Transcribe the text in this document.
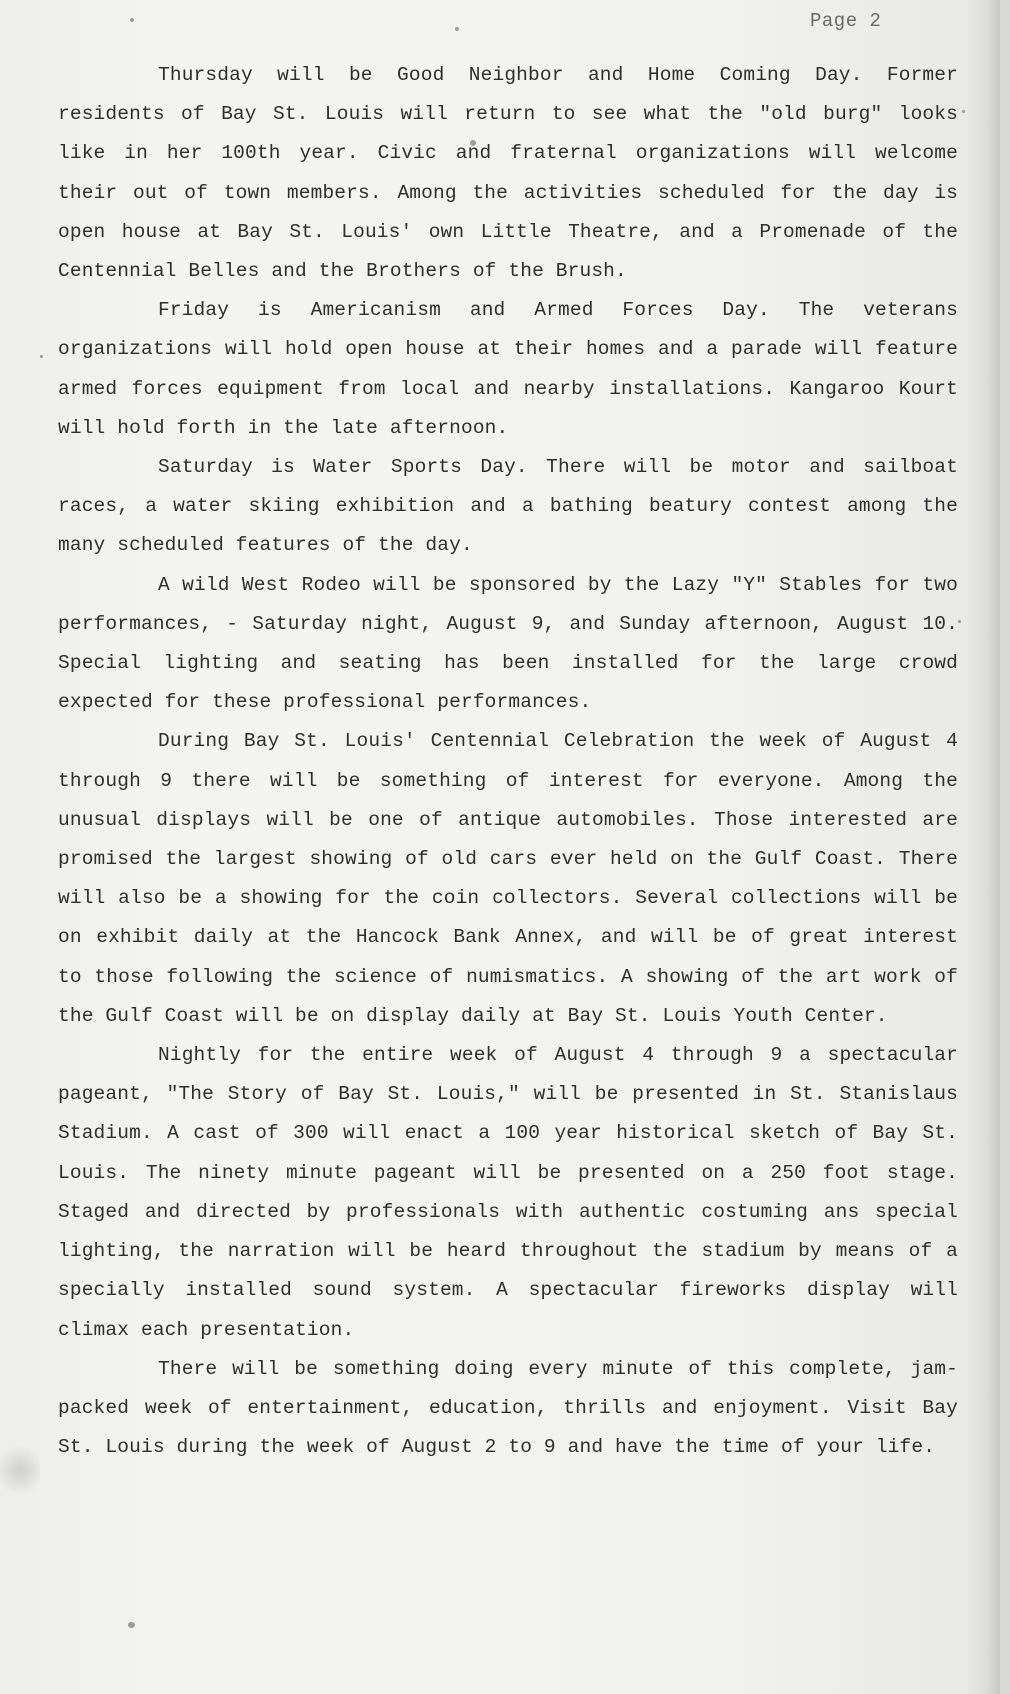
Page 2

Thursday will be Good Neighbor and Home Coming Day. Former residents of Bay St. Louis will return to see what the "old burg" looks like in her 100th year. Civic and fraternal organizations will welcome their out of town members. Among the activities scheduled for the day is open house at Bay St. Louis' own Little Theatre, and a Promenade of the Centennial Belles and the Brothers of the Brush.

Friday is Americanism and Armed Forces Day. The veterans organizations will hold open house at their homes and a parade will feature armed forces equipment from local and nearby installations. Kangaroo Kourt will hold forth in the late afternoon.

Saturday is Water Sports Day. There will be motor and sailboat races, a water skiing exhibition and a bathing beatury contest among the many scheduled features of the day.

A wild West Rodeo will be sponsored by the Lazy "Y" Stables for two performances, - Saturday night, August 9, and Sunday afternoon, August 10. Special lighting and seating has been installed for the large crowd expected for these professional performances.

During Bay St. Louis' Centennial Celebration the week of August 4 through 9 there will be something of interest for everyone. Among the unusual displays will be one of antique automobiles. Those interested are promised the largest showing of old cars ever held on the Gulf Coast. There will also be a showing for the coin collectors. Several collections will be on exhibit daily at the Hancock Bank Annex, and will be of great interest to those following the science of numismatics. A showing of the art work of the Gulf Coast will be on display daily at Bay St. Louis Youth Center.

Nightly for the entire week of August 4 through 9 a spectacular pageant, "The Story of Bay St. Louis," will be presented in St. Stanislaus Stadium. A cast of 300 will enact a 100 year historical sketch of Bay St. Louis. The ninety minute pageant will be presented on a 250 foot stage. Staged and directed by professionals with authentic costuming ans special lighting, the narration will be heard throughout the stadium by means of a specially installed sound system. A spectacular fireworks display will climax each presentation.

There will be something doing every minute of this complete, jam-packed week of entertainment, education, thrills and enjoyment. Visit Bay St. Louis during the week of August 2 to 9 and have the time of your life.
